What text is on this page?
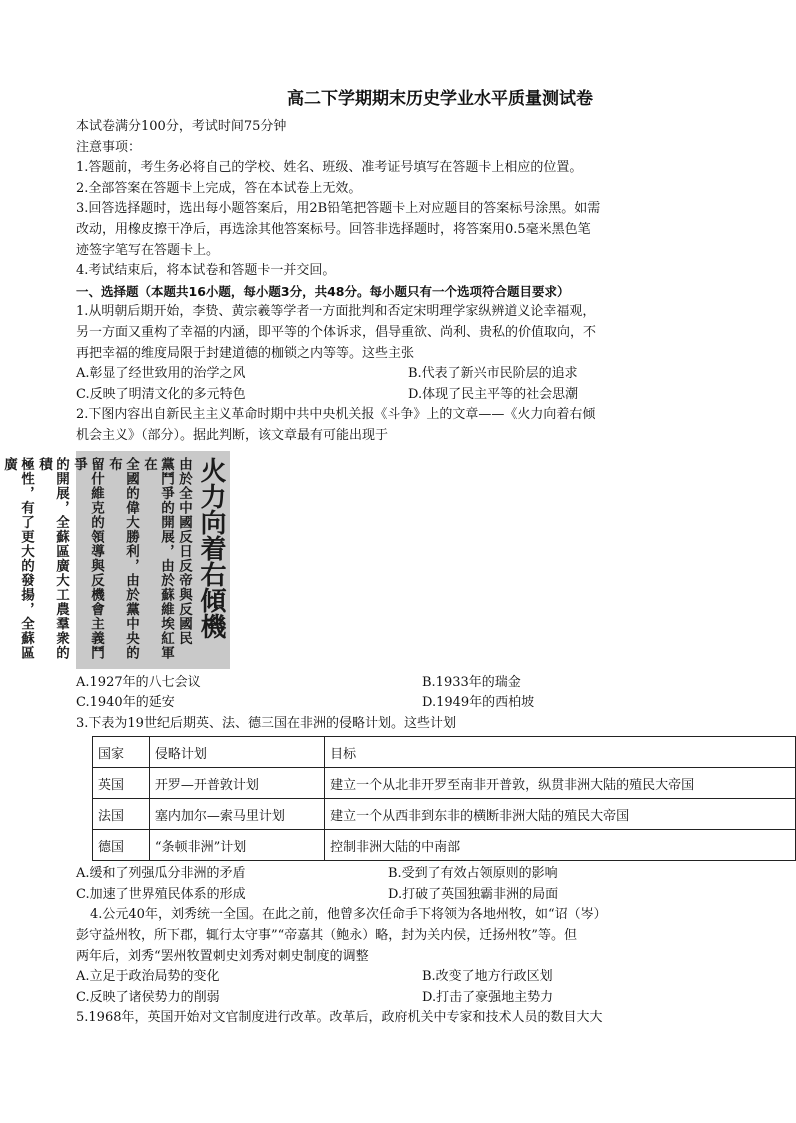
高二下学期期末历史学业水平质量测试卷

本试卷满分100分，考试时间75分钟

注意事项：

1.答题前，考生务必将自己的学校、姓名、班级、准考证号填写在答题卡上相应的位置。

2.全部答案在答题卡上完成，答在本试卷上无效。

3.回答选择题时，选出每小题答案后，用2B铅笔把答题卡上对应题目的答案标号涂黑。如需

改动，用橡皮擦干净后，再选涂其他答案标号。回答非选择题时，将答案用0.5毫米黑色笔

迹签字笔写在答题卡上。

4.考试结束后，将本试卷和答题卡一并交回。

一、选择题（本题共16小题，每小题3分，共48分。每小题只有一个选项符合题目要求）

1.从明朝后期开始，李贽、黄宗羲等学者一方面批判和否定宋明理学家纵辨道义论幸福观，

另一方面又重构了幸福的内涵，即平等的个体诉求，倡导重欲、尚利、贵私的价值取向，不

再把幸福的维度局限于封建道德的枷锁之内等等。这些主张

A.彰显了经世致用的治学之风	B.代表了新兴市民阶层的追求
C.反映了明清文化的多元特色	D.体现了民主平等的社会思潮

2.下图内容出自新民主主义革命时期中共中央机关报《斗争》上的文章——《火力向着右倾

机会主义》（部分）。据此判断，该文章最有可能出现于

火力向着右傾機
由於全中國反日反帝與反國民
黨鬥爭的開展，由於蘇維埃紅軍在
全國的偉大勝利，由於黨中央的布
留什維克的領導與反機會主義鬥爭
的開展，全蘇區廣大工農羣衆的積
極性，有了更大的發揚，全蘇區廣
A.1927年的八七会议	B.1933年的瑞金
C.1940年的延安	D.1949年的西柏坡

3.下表为19世纪后期英、法、德三国在非洲的侵略计划。这些计划

国家	侵略计划	目标
英国	开罗—开普敦计划	建立一个从北非开罗至南非开普敦，纵贯非洲大陆的殖民大帝国
法国	塞内加尔—索马里计划	建立一个从西非到东非的横断非洲大陆的殖民大帝国
德国	“条顿非洲”计划	控制非洲大陆的中南部
A.缓和了列强瓜分非洲的矛盾	B.受到了有效占领原则的影响
C.加速了世界殖民体系的形成	D.打破了英国独霸非洲的局面

4.公元40年，刘秀统一全国。在此之前，他曾多次任命手下将领为各地州牧，如“诏（岑）

彭守益州牧，所下郡，辄行太守事”“帝嘉其（鲍永）略，封为关内侯，迁扬州牧”等。但

两年后，刘秀“罢州牧置刺史刘秀对刺史制度的调整

A.立足于政治局势的变化	B.改变了地方行政区划
C.反映了诸侯势力的削弱	D.打击了豪强地主势力

5.1968年，英国开始对文官制度进行改革。改革后，政府机关中专家和技术人员的数目大大
